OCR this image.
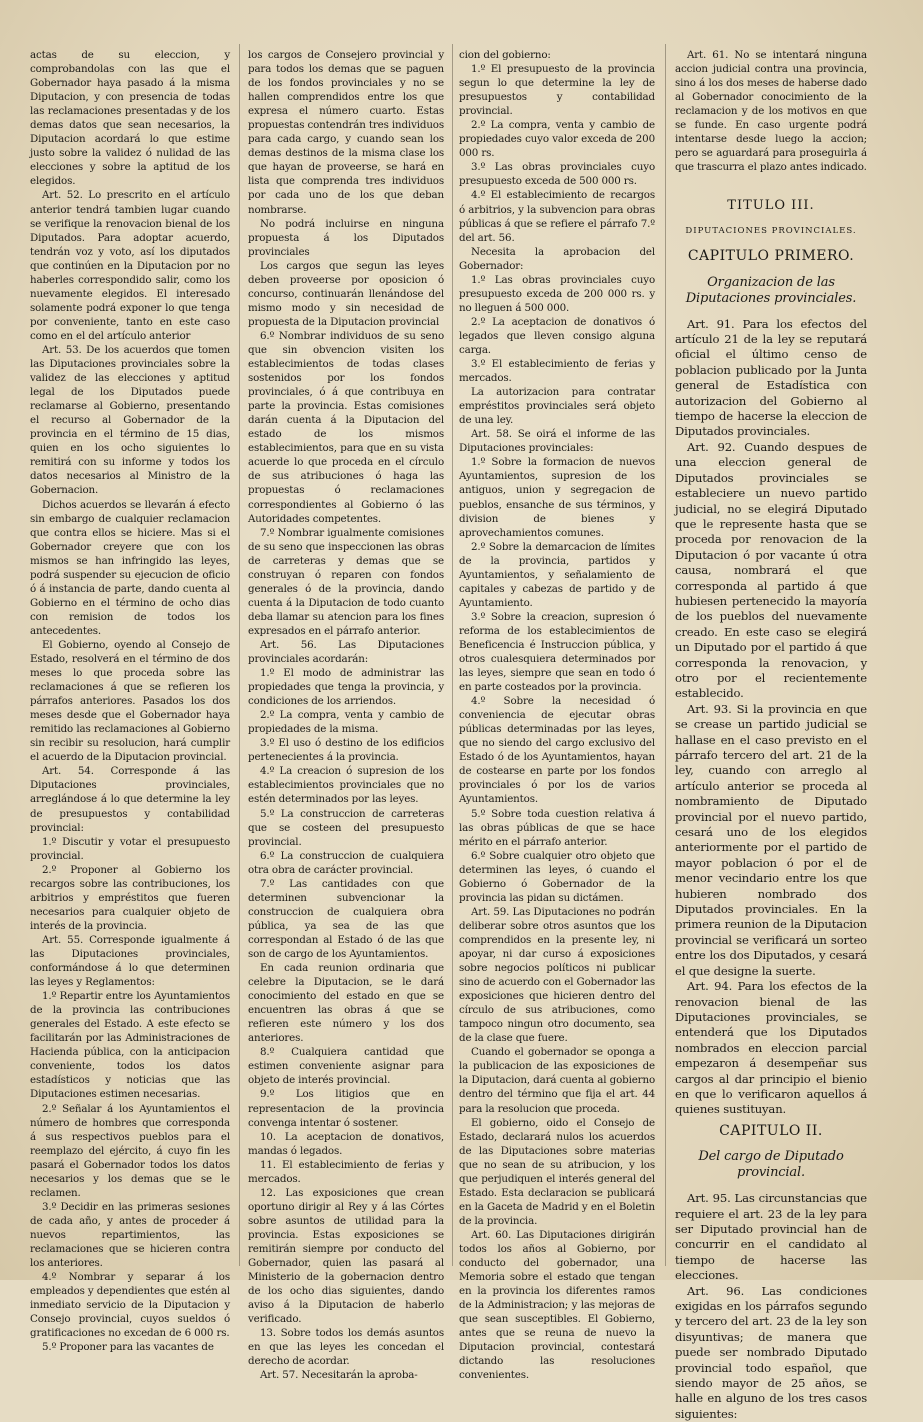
actas de su eleccion, y comprobandolas con las que el Gobernador haya pasado á la misma Diputacion, y con presencia de todas las reclamaciones presentadas y de los demas datos que sean necesarios, la Diputacion acordará lo que estime justo sobre la validez ó nulidad de las elecciones y sobre la aptitud de los elegidos.

Art. 52. Lo prescrito en el artículo anterior tendrá tambien lugar cuando se verifique la renovacion bienal de los Diputados. Para adoptar acuerdo, tendrán voz y voto, así los diputados que continúen en la Diputacion por no haberles correspondido salir, como los nuevamente elegidos. El interesado solamente podrá exponer lo que tenga por conveniente, tanto en este caso como en el del artículo anterior

Art. 53. De los acuerdos que tomen las Diputaciones provinciales sobre la validez de las elecciones y aptitud legal de los Diputados puede reclamarse al Gobierno, presentando el recurso al Gobernador de la provincia en el término de 15 dias, quien en los ocho siguientes lo remitirá con su informe y todos los datos necesarios al Ministro de la Gobernacion.

Dichos acuerdos se llevarán á efecto sin embargo de cualquier reclamacion que contra ellos se hiciere. Mas si el Gobernador creyere que con los mismos se han infringido las leyes, podrá suspender su ejecucion de oficio ó á instancia de parte, dando cuenta al Gobierno en el término de ocho dias con remision de todos los antecedentes.

El Gobierno, oyendo al Consejo de Estado, resolverá en el término de dos meses lo que proceda sobre las reclamaciones á que se refieren los párrafos anteriores. Pasados los dos meses desde que el Gobernador haya remitido las reclamaciones al Gobierno sin recibir su resolucion, hará cumplir el acuerdo de la Diputacion provincial.

Art. 54. Corresponde á las Diputaciones provinciales, arreglándose á lo que determine la ley de presupuestos y contabilidad provincial:

1.º Discutir y votar el presupuesto provincial.

2.º Proponer al Gobierno los recargos sobre las contribuciones, los arbitrios y empréstitos que fueren necesarios para cualquier objeto de interés de la provincia.

Art. 55. Corresponde igualmente á las Diputaciones provinciales, conformándose á lo que determinen las leyes y Reglamentos:

1.º Repartir entre los Ayuntamientos de la provincia las contribuciones generales del Estado. A este efecto se facilitarán por las Administraciones de Hacienda pública, con la anticipacion conveniente, todos los datos estadísticos y noticias que las Diputaciones estimen necesarias.

2.º Señalar á los Ayuntamientos el número de hombres que corresponda á sus respectivos pueblos para el reemplazo del ejército, á cuyo fin les pasará el Gobernador todos los datos necesarios y los demas que se le reclamen.

3.º Decidir en las primeras sesiones de cada año, y antes de proceder á nuevos repartimientos, las reclamaciones que se hicieren contra los anteriores.

4.º Nombrar y separar á los empleados y dependientes que estén al inmediato servicio de la Diputacion y Consejo provincial, cuyos sueldos ó gratificaciones no excedan de 6 000 rs.

5.º Proponer para las vacantes de

los cargos de Consejero provincial y para todos los demas que se paguen de los fondos provinciales y no se hallen comprendidos entre los que expresa el número cuarto. Estas propuestas contendrán tres individuos para cada cargo, y cuando sean los demas destinos de la misma clase los que hayan de proveerse, se hará en lista que comprenda tres individuos por cada uno de los que deban nombrarse.

No podrá incluirse en ninguna propuesta á los Diputados provinciales

Los cargos que segun las leyes deben proveerse por oposicion ó concurso, continuarán llenándose del mismo modo y sin necesidad de propuesta de la Diputacion provincial

6.º Nombrar individuos de su seno que sin obvencion visiten los establecimientos de todas clases sostenidos por los fondos provinciales, ó á que contribuya en parte la provincia. Estas comisiones darán cuenta á la Diputacion del estado de los mismos establecimientos, para que en su vista acuerde lo que proceda en el círculo de sus atribuciones ó haga las propuestas ó reclamaciones correspondientes al Gobierno ó las Autoridades competentes.

7.º Nombrar igualmente comisiones de su seno que inspeccionen las obras de carreteras y demas que se construyan ó reparen con fondos generales ó de la provincia, dando cuenta á la Diputacion de todo cuanto deba llamar su atencion para los fines expresados en el párrafo anterior.

Art. 56. Las Diputaciones provinciales acordarán:

1.º El modo de administrar las propiedades que tenga la provincia, y condiciones de los arriendos.

2.º La compra, venta y cambio de propiedades de la misma.

3.º El uso ó destino de los edificios pertenecientes á la provincia.

4.º La creacion ó supresion de los establecimientos provinciales que no estén determinados por las leyes.

5.º La construccion de carreteras que se costeen del presupuesto provincial.

6.º La construccion de cualquiera otra obra de carácter provincial.

7.º Las cantidades con que determinen subvencionar la construccion de cualquiera obra pública, ya sea de las que correspondan al Estado ó de las que son de cargo de los Ayuntamientos.

En cada reunion ordinaria que celebre la Diputacion, se le dará conocimiento del estado en que se encuentren las obras á que se refieren este número y los dos anteriores.

8.º Cualquiera cantidad que estimen conveniente asignar para objeto de interés provincial.

9.º Los litigios que en representacion de la provincia convenga intentar ó sostener.

10. La aceptacion de donativos, mandas ó legados.

11. El establecimiento de ferias y mercados.

12. Las exposiciones que crean oportuno dirigir al Rey y á las Córtes sobre asuntos de utilidad para la provincia. Estas exposiciones se remitirán siempre por conducto del Gobernador, quien las pasará al Ministerio de la gobernacion dentro de los ocho dias siguientes, dando aviso á la Diputacion de haberlo verificado.

13. Sobre todos los demás asuntos en que las leyes les concedan el derecho de acordar.

Art. 57. Necesitarán la aproba-

cion del gobierno:

1.º El presupuesto de la provincia segun lo que determine la ley de presupuestos y contabilidad provincial.

2.º La compra, venta y cambio de propiedades cuyo valor exceda de 200 000 rs.

3.º Las obras provinciales cuyo presupuesto exceda de 500 000 rs.

4.º El establecimiento de recargos ó arbitrios, y la subvencion para obras públicas á que se refiere el párrafo 7.º del art. 56.

Necesita la aprobacion del Gobernador:

1.º Las obras provinciales cuyo presupuesto exceda de 200 000 rs. y no lleguen á 500 000.

2.º La aceptacion de donativos ó legados que lleven consigo alguna carga.

3.º El establecimiento de ferias y mercados.

La autorizacion para contratar empréstitos provinciales será objeto de una ley.

Art. 58. Se oirá el informe de las Diputaciones provinciales:

1.º Sobre la formacion de nuevos Ayuntamientos, supresion de los antiguos, union y segregacion de pueblos, ensanche de sus términos, y division de bienes y aprovechamientos comunes.

2.º Sobre la demarcacion de límites de la provincia, partidos y Ayuntamientos, y señalamiento de capitales y cabezas de partido y de Ayuntamiento.

3.º Sobre la creacion, supresion ó reforma de los establecimientos de Beneficencia é Instruccion pública, y otros cualesquiera determinados por las leyes, siempre que sean en todo ó en parte costeados por la provincia.

4.º Sobre la necesidad ó conveniencia de ejecutar obras públicas determinadas por las leyes, que no siendo del cargo exclusivo del Estado ó de los Ayuntamientos, hayan de costearse en parte por los fondos provinciales ó por los de varios Ayuntamientos.

5.º Sobre toda cuestion relativa á las obras públicas de que se hace mérito en el párrafo anterior.

6.º Sobre cualquier otro objeto que determinen las leyes, ó cuando el Gobierno ó Gobernador de la provincia las pidan su dictámen.

Art. 59. Las Diputaciones no podrán deliberar sobre otros asuntos que los comprendidos en la presente ley, ni apoyar, ni dar curso á exposiciones sobre negocios políticos ni publicar sino de acuerdo con el Gobernador las exposiciones que hicieren dentro del círculo de sus atribuciones, como tampoco ningun otro documento, sea de la clase que fuere.

Cuando el gobernador se oponga a la publicacion de las exposiciones de la Diputacion, dará cuenta al gobierno dentro del término que fija el art. 44 para la resolucion que proceda.

El gobierno, oido el Consejo de Estado, declarará nulos los acuerdos de las Diputaciones sobre materias que no sean de su atribucion, y los que perjudiquen el interés general del Estado. Esta declaracion se publicará en la Gaceta de Madrid y en el Boletin de la provincia.

Art. 60. Las Diputaciones dirigirán todos los años al Gobierno, por conducto del gobernador, una Memoria sobre el estado que tengan en la provincia los diferentes ramos de la Administracion; y las mejoras de que sean susceptibles. El Gobierno, antes que se reuna de nuevo la Diputacion provincial, contestará dictando las resoluciones convenientes.

Art. 61. No se intentará ninguna accion judicial contra una provincia, sino á los dos meses de haberse dado al Gobernador conocimiento de la reclamacion y de los motivos en que se funde. En caso urgente podrá intentarse desde luego la accion; pero se aguardará para proseguirla á que trascurra el plazo antes indicado.

TITULO III.
DIPUTACIONES PROVINCIALES.
CAPITULO PRIMERO.
Organizacion de las Diputaciones provinciales.

Art. 91. Para los efectos del artículo 21 de la ley se reputará oficial el último censo de poblacion publicado por la Junta general de Estadística con autorizacion del Gobierno al tiempo de hacerse la eleccion de Diputados provinciales.

Art. 92. Cuando despues de una eleccion general de Diputados provinciales se estableciere un nuevo partido judicial, no se elegirá Diputado que le represente hasta que se proceda por renovacion de la Diputacion ó por vacante ú otra causa, nombrará el que corresponda al partido á que hubiesen pertenecido la mayoría de los pueblos del nuevamente creado. En este caso se elegirá un Diputado por el partido á que corresponda la renovacion, y otro por el recientemente establecido.

Art. 93. Si la provincia en que se crease un partido judicial se hallase en el caso previsto en el párrafo tercero del art. 21 de la ley, cuando con arreglo al artículo anterior se proceda al nombramiento de Diputado provincial por el nuevo partido, cesará uno de los elegidos anteriormente por el partido de mayor poblacion ó por el de menor vecindario entre los que hubieren nombrado dos Diputados provinciales. En la primera reunion de la Diputacion provincial se verificará un sorteo entre los dos Diputados, y cesará el que designe la suerte.

Art. 94. Para los efectos de la renovacion bienal de las Diputaciones provinciales, se entenderá que los Diputados nombrados en eleccion parcial empezaron á desempeñar sus cargos al dar principio el bienio en que lo verificaron aquellos á quienes sustituyan.

CAPITULO II.
Del cargo de Diputado provincial.

Art. 95. Las circunstancias que requiere el art. 23 de la ley para ser Diputado provincial han de concurrir en el candidato al tiempo de hacerse las elecciones.

Art. 96. Las condiciones exigidas en los párrafos segundo y tercero del art. 23 de la ley son disyuntivas; de manera que puede ser nombrado Diputado provincial todo español, que siendo mayor de 25 años, se halle en alguno de los tres casos siguientes:
